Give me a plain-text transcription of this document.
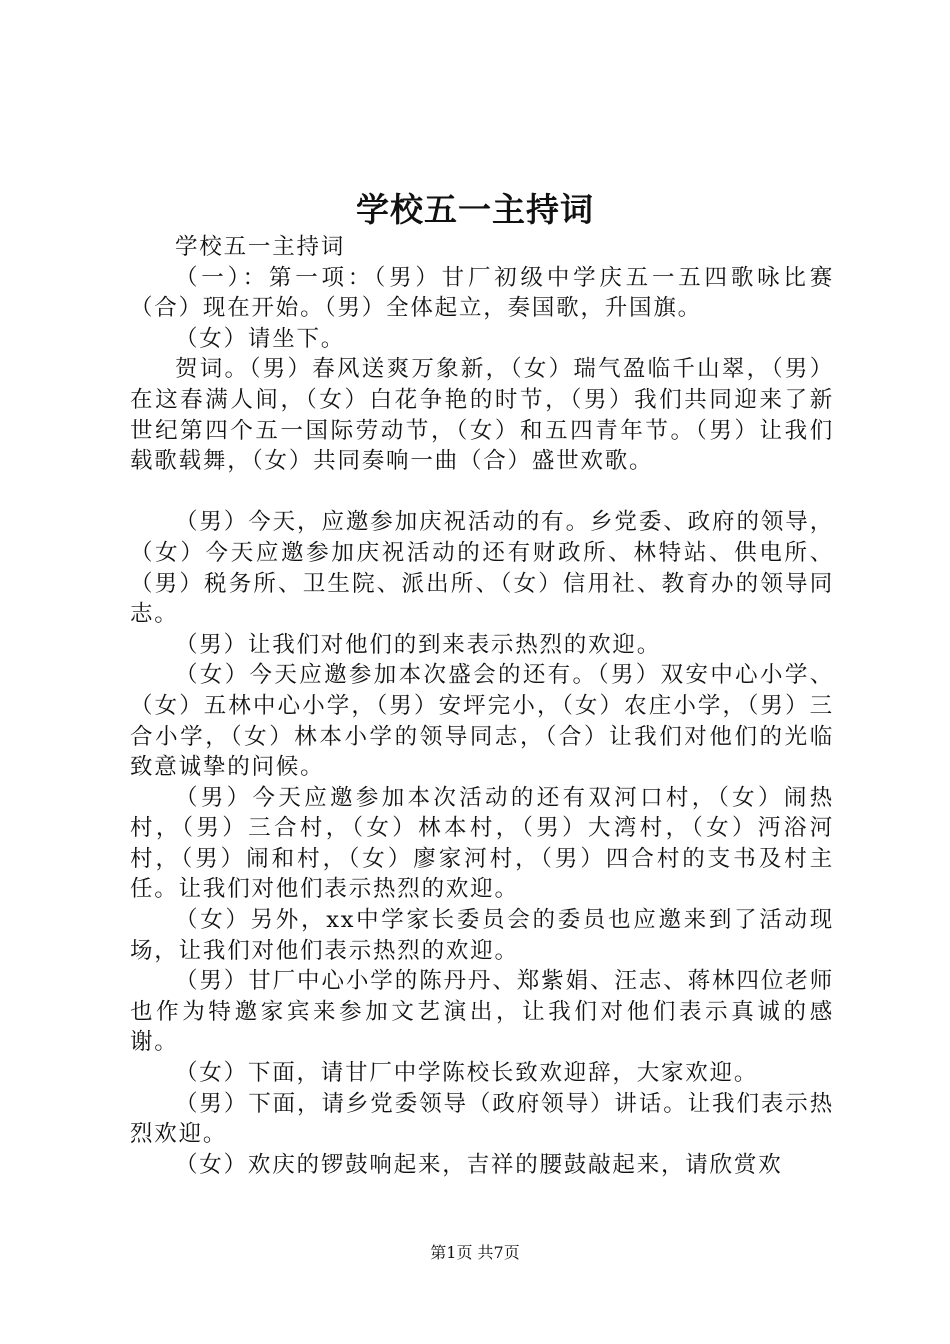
学校五一主持词

学校五一主持词

（一）：第一项：（男）甘厂初级中学庆五一五四歌咏比赛（合）现在开始。（男）全体起立，奏国歌，升国旗。

（女）请坐下。

贺词。（男）春风送爽万象新，（女）瑞气盈临千山翠，（男）在这春满人间，（女）白花争艳的时节，（男）我们共同迎来了新世纪第四个五一国际劳动节，（女）和五四青年节。（男）让我们载歌载舞，（女）共同奏响一曲（合）盛世欢歌。

（男）今天，应邀参加庆祝活动的有。乡党委、政府的领导，（女）今天应邀参加庆祝活动的还有财政所、林特站、供电所、（男）税务所、卫生院、派出所、（女）信用社、教育办的领导同志。

（男）让我们对他们的到来表示热烈的欢迎。

（女）今天应邀参加本次盛会的还有。（男）双安中心小学、（女）五林中心小学，（男）安坪完小，（女）农庄小学，（男）三合小学，（女）林本小学的领导同志，（合）让我们对他们的光临致意诚挚的问候。

（男）今天应邀参加本次活动的还有双河口村，（女）闹热村，（男）三合村，（女）林本村，（男）大湾村，（女）沔浴河村，（男）闹和村，（女）廖家河村，（男）四合村的支书及村主任。让我们对他们表示热烈的欢迎。

（女）另外，xx中学家长委员会的委员也应邀来到了活动现场，让我们对他们表示热烈的欢迎。

（男）甘厂中心小学的陈丹丹、郑紫娟、汪志、蒋林四位老师也作为特邀家宾来参加文艺演出，让我们对他们表示真诚的感谢。

（女）下面，请甘厂中学陈校长致欢迎辞，大家欢迎。

（男）下面，请乡党委领导（政府领导）讲话。让我们表示热烈欢迎。

（女）欢庆的锣鼓响起来，吉祥的腰鼓敲起来，请欣赏欢

第1页 共7页
